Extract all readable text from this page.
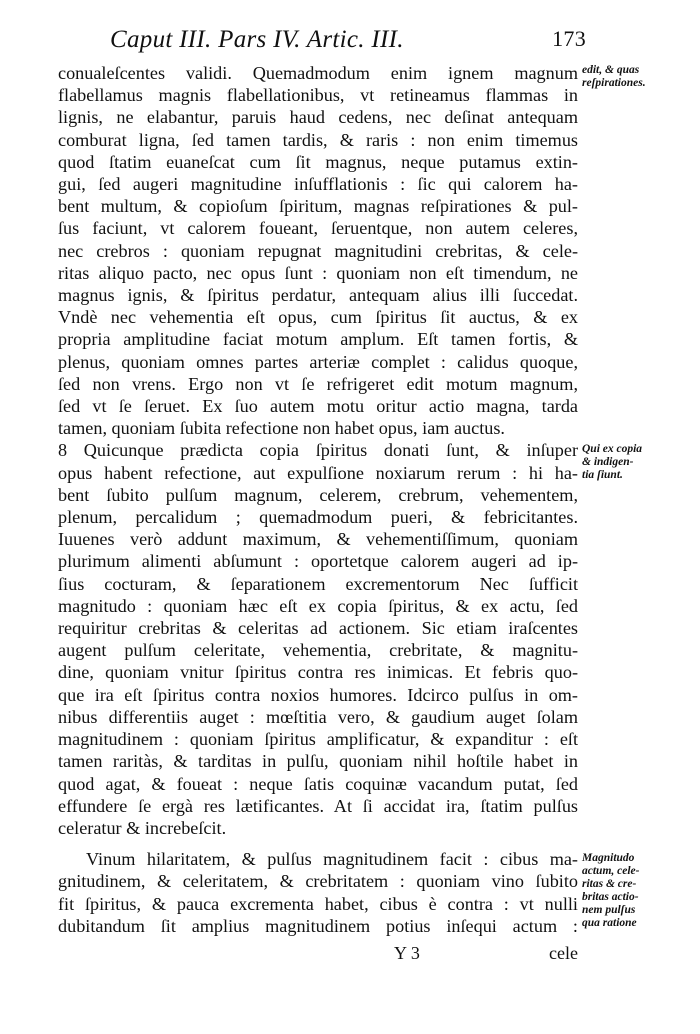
Caput III. Pars IV. Artic. III.	173
conualeſcentes validi. Quemadmodum enim ignem magnum
flabellamus magnis flabellationibus, vt retineamus flammas in
lignis, ne elabantur, paruis haud cedens, nec deſinat antequam
comburat ligna, ſed tamen tardis, & raris : non enim timemus
quod ſtatim euaneſcat cum ſit magnus, neque putamus extin-
gui, ſed augeri magnitudine inſufflationis : ſic qui calorem ha-
bent multum, & copioſum ſpiritum, magnas reſpirationes & pul-
ſus faciunt, vt calorem foueant, ſeruentque, non autem celeres,
nec crebros : quoniam repugnat magnitudini crebritas, & cele-
ritas aliquo pacto, nec opus ſunt : quoniam non eſt timendum, ne
magnus ignis, & ſpiritus perdatur, antequam alius illi ſuccedat.
Vndè nec vehementia eſt opus, cum ſpiritus ſit auctus, & ex
propria amplitudine faciat motum amplum. Eſt tamen fortis, &
plenus, quoniam omnes partes arteriæ complet : calidus quoque,
ſed non vrens. Ergo non vt ſe refrigeret edit motum magnum,
ſed vt ſe ſeruet. Ex ſuo autem motu oritur actio magna, tarda
tamen, quoniam ſubita refectione non habet opus, iam auctus.
8 Quicunque prædicta copia ſpiritus donati ſunt, & inſuper
opus habent refectione, aut expulſione noxiarum rerum : hi ha-
bent ſubito pulſum magnum, celerem, crebrum, vehementem,
plenum, percalidum ; quemadmodum pueri, & febricitantes.
Iuuenes verò addunt maximum, & vehementiſſimum, quoniam
plurimum alimenti abſumunt : oportetque calorem augeri ad ip-
ſius cocturam, & ſeparationem excrementorum Nec ſufficit
magnitudo : quoniam hæc eſt ex copia ſpiritus, & ex actu, ſed
requiritur crebritas & celeritas ad actionem. Sic etiam iraſcentes
augent pulſum celeritate, vehementia, crebritate, & magnitu-
dine, quoniam vnitur ſpiritus contra res inimicas. Et febris quo-
que ira eſt ſpiritus contra noxios humores. Idcirco pulſus in om-
nibus differentiis auget : mœſtitia vero, & gaudium auget ſolam
magnitudinem : quoniam ſpiritus amplificatur, & expanditur : eſt
tamen raritàs, & tarditas in pulſu, quoniam nihil hoſtile habet in
quod agat, & foueat : neque ſatis coquinæ vacandum putat, ſed
effundere ſe ergà res lætificantes. At ſi accidat ira, ſtatim pulſus
celeratur & increbeſcit.
Vinum hilaritatem, & pulſus magnitudinem facit : cibus ma-
gnitudinem, & celeritatem, & crebritatem : quoniam vino ſubito
fit ſpiritus, & pauca excrementa habet, cibus è contra : vt nulli
dubitandum ſit amplius magnitudinem potius inſequi actum :
edit, & quas
reſpirationes.
Qui ex copia
& indigen-
tia ſiunt.
Magnitudo
actum, cele-
ritas & cre-
britas actio-
nem pulſus
qua ratione
Y 3	cele
